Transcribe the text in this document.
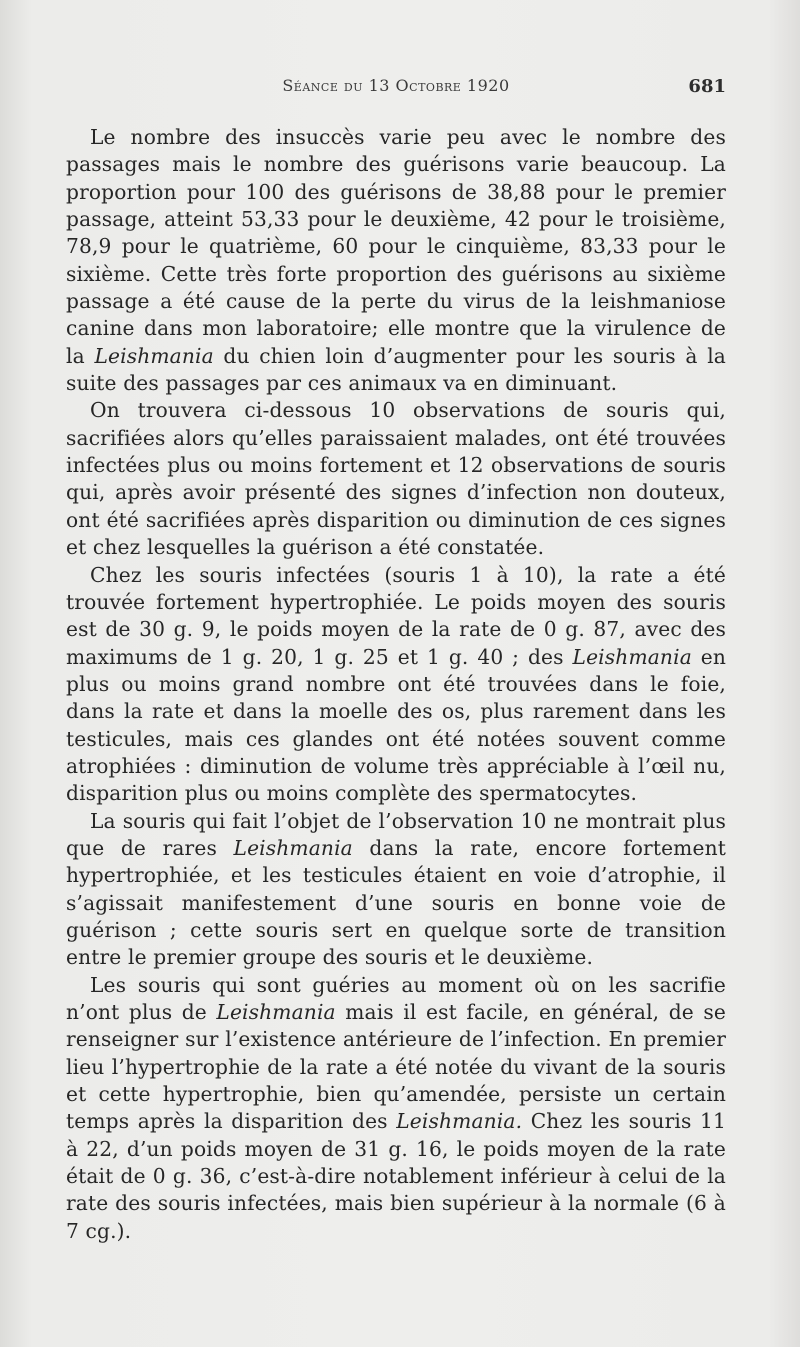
Séance du 13 Octobre 1920	681

Le nombre des insuccès varie peu avec le nombre des passages mais le nombre des guérisons varie beaucoup. La proportion pour 100 des guérisons de 38,88 pour le premier passage, atteint 53,33 pour le deuxième, 42 pour le troisième, 78,9 pour le quatrième, 60 pour le cinquième, 83,33 pour le sixième. Cette très forte proportion des guérisons au sixième passage a été cause de la perte du virus de la leishmaniose canine dans mon laboratoire; elle montre que la virulence de la Leishmania du chien loin d’augmenter pour les souris à la suite des passages par ces animaux va en diminuant.

On trouvera ci-dessous 10 observations de souris qui, sacrifiées alors qu’elles paraissaient malades, ont été trouvées infectées plus ou moins fortement et 12 observations de souris qui, après avoir présenté des signes d’infection non douteux, ont été sacrifiées après disparition ou diminution de ces signes et chez lesquelles la guérison a été constatée.

Chez les souris infectées (souris 1 à 10), la rate a été trouvée fortement hypertrophiée. Le poids moyen des souris est de 30 g. 9, le poids moyen de la rate de 0 g. 87, avec des maximums de 1 g. 20, 1 g. 25 et 1 g. 40 ; des Leishmania en plus ou moins grand nombre ont été trouvées dans le foie, dans la rate et dans la moelle des os, plus rarement dans les testicules, mais ces glandes ont été notées souvent comme atrophiées : diminution de volume très appréciable à l’œil nu, disparition plus ou moins complète des spermatocytes.

La souris qui fait l’objet de l’observation 10 ne montrait plus que de rares Leishmania dans la rate, encore fortement hypertrophiée, et les testicules étaient en voie d’atrophie, il s’agissait manifestement d’une souris en bonne voie de guérison ; cette souris sert en quelque sorte de transition entre le premier groupe des souris et le deuxième.

Les souris qui sont guéries au moment où on les sacrifie n’ont plus de Leishmania mais il est facile, en général, de se renseigner sur l’existence antérieure de l’infection. En premier lieu l’hypertrophie de la rate a été notée du vivant de la souris et cette hypertrophie, bien qu’amendée, persiste un certain temps après la disparition des Leishmania. Chez les souris 11 à 22, d’un poids moyen de 31 g. 16, le poids moyen de la rate était de 0 g. 36, c’est-à-dire notablement inférieur à celui de la rate des souris infectées, mais bien supérieur à la normale (6 à 7 cg.).
